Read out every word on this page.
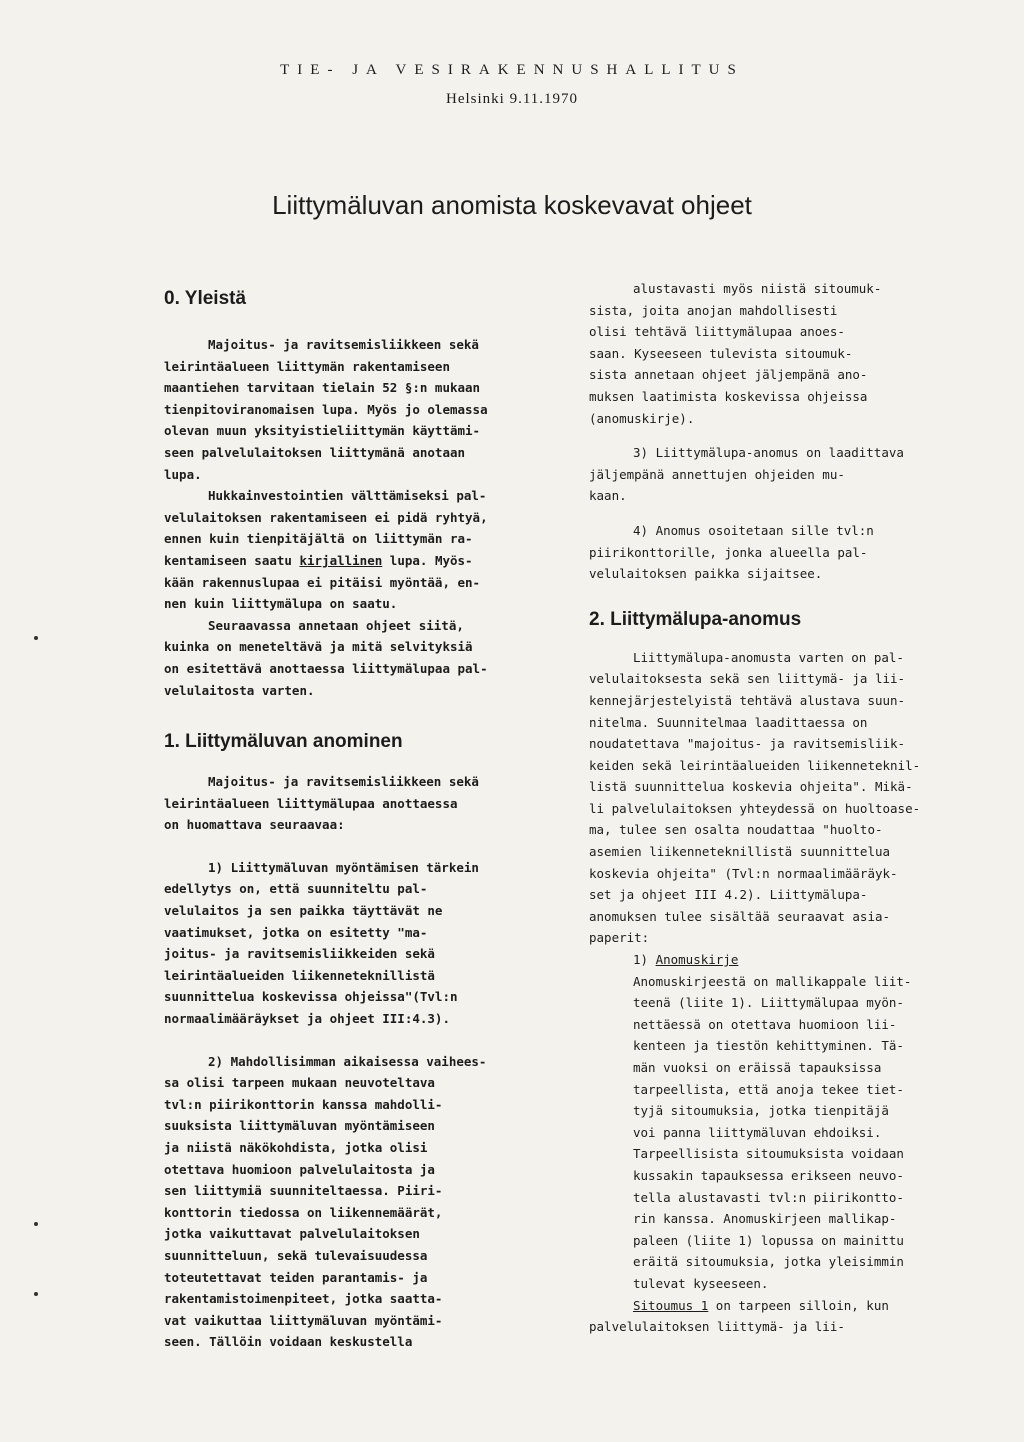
TIE- JA VESIRAKENNUSHALLITUS
Helsinki 9.11.1970
Liittymäluvan anomista koskevavat ohjeet
0. Yleistä

Majoitus- ja ravitsemisliikkeen sekä
leirintäalueen liittymän rakentamiseen
maantiehen tarvitaan tielain 52 §:n mukaan
tienpitoviranomaisen lupa. Myös jo olemassa
olevan muun yksityistieliittymän käyttämi-
seen palvelulaitoksen liittymänä anotaan
lupa.

Hukkainvestointien välttämiseksi pal-
velulaitoksen rakentamiseen ei pidä ryhtyä,
ennen kuin tienpitäjältä on liittymän ra-
kentamiseen saatu kirjallinen lupa. Myös-
kään rakennuslupaa ei pitäisi myöntää, en-
nen kuin liittymälupa on saatu.

Seuraavassa annetaan ohjeet siitä,
kuinka on meneteltävä ja mitä selvityksiä
on esitettävä anottaessa liittymälupaa pal-
velulaitosta varten.

1. Liittymäluvan anominen

Majoitus- ja ravitsemisliikkeen sekä
leirintäalueen liittymälupaa anottaessa
on huomattava seuraavaa:

1) Liittymäluvan myöntämisen tärkein
edellytys on, että suunniteltu pal-
velulaitos ja sen paikka täyttävät ne
vaatimukset, jotka on esitetty "ma-
joitus- ja ravitsemisliikkeiden sekä
leirintäalueiden liikenneteknillistä
suunnittelua koskevissa ohjeissa"(Tvl:n
normaalimääräykset ja ohjeet III:4.3).

2) Mahdollisimman aikaisessa vaihees-
sa olisi tarpeen mukaan neuvoteltava
tvl:n piirikonttorin kanssa mahdolli-
suuksista liittymäluvan myöntämiseen
ja niistä näkökohdista, jotka olisi
otettava huomioon palvelulaitosta ja
sen liittymiä suunniteltaessa. Piiri-
konttorin tiedossa on liikennemäärät,
jotka vaikuttavat palvelulaitoksen
suunnitteluun, sekä tulevaisuudessa
toteutettavat teiden parantamis- ja
rakentamistoimenpiteet, jotka saatta-
vat vaikuttaa liittymäluvan myöntämi-
seen. Tällöin voidaan keskustella

alustavasti myös niistä sitoumuk-
sista, joita anojan mahdollisesti
olisi tehtävä liittymälupaa anoes-
saan. Kyseeseen tulevista sitoumuk-
sista annetaan ohjeet jäljempänä ano-
muksen laatimista koskevissa ohjeissa
(anomuskirje).

3) Liittymälupa-anomus on laadittava
jäljempänä annettujen ohjeiden mu-
kaan.

4) Anomus osoitetaan sille tvl:n
piirikonttorille, jonka alueella pal-
velulaitoksen paikka sijaitsee.

2. Liittymälupa-anomus

Liittymälupa-anomusta varten on pal-
velulaitoksesta sekä sen liittymä- ja lii-
kennejärjestelyistä tehtävä alustava suun-
nitelma. Suunnitelmaa laadittaessa on
noudatettava "majoitus- ja ravitsemisliik-
keiden sekä leirintäalueiden liikenneteknil-
listä suunnittelua koskevia ohjeita". Mikä-
li palvelulaitoksen yhteydessä on huoltoase-
ma, tulee sen osalta noudattaa "huolto-
asemien liikenneteknillistä suunnittelua
koskevia ohjeita" (Tvl:n normaalimääräyk-
set ja ohjeet III 4.2). Liittymälupa-
anomuksen tulee sisältää seuraavat asia-
paperit:

1) Anomuskirje

Anomuskirjeestä on mallikappale liit-
teenä (liite 1). Liittymälupaa myön-
nettäessä on otettava huomioon lii-
kenteen ja tiestön kehittyminen. Tä-
män vuoksi on eräissä tapauksissa
tarpeellista, että anoja tekee tiet-
tyjä sitoumuksia, jotka tienpitäjä
voi panna liittymäluvan ehdoiksi.
Tarpeellisista sitoumuksista voidaan
kussakin tapauksessa erikseen neuvo-
tella alustavasti tvl:n piirikontto-
rin kanssa. Anomuskirjeen mallikap-
paleen (liite 1) lopussa on mainittu
eräitä sitoumuksia, jotka yleisimmin
tulevat kyseeseen.

Sitoumus 1 on tarpeen silloin, kun
palvelulaitoksen liittymä- ja lii-
